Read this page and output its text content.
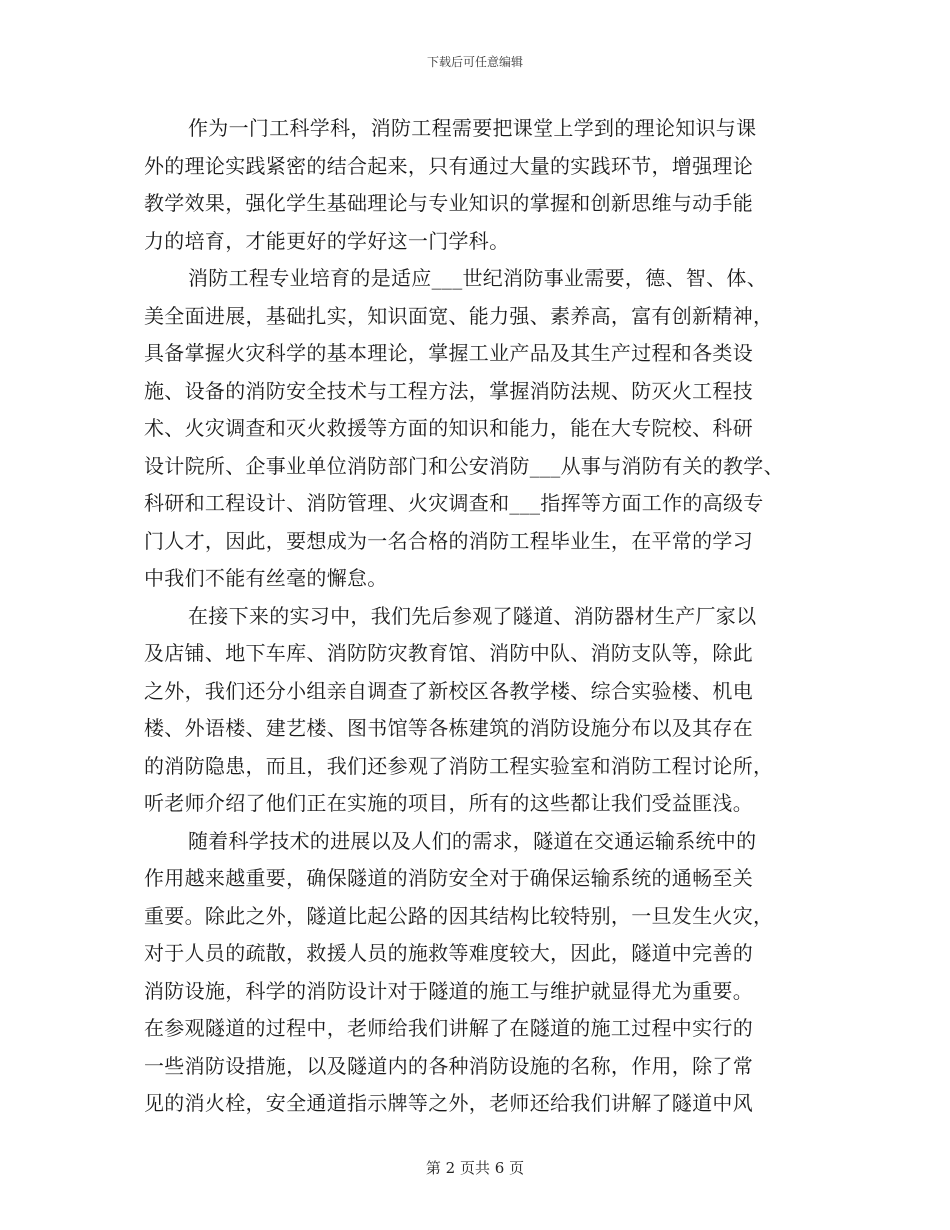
下载后可任意编辑
作为一门工科学科，消防工程需要把课堂上学到的理论知识与课
外的理论实践紧密的结合起来，只有通过大量的实践环节，增强理论
教学效果，强化学生基础理论与专业知识的掌握和创新思维与动手能
力的培育，才能更好的学好这一门学科。
消防工程专业培育的是适应___世纪消防事业需要，德、智、体、
美全面进展，基础扎实，知识面宽、能力强、素养高，富有创新精神，
具备掌握火灾科学的基本理论，掌握工业产品及其生产过程和各类设
施、设备的消防安全技术与工程方法，掌握消防法规、防灭火工程技
术、火灾调查和灭火救援等方面的知识和能力，能在大专院校、科研
设计院所、企事业单位消防部门和公安消防___从事与消防有关的教学、
科研和工程设计、消防管理、火灾调查和___指挥等方面工作的高级专
门人才，因此，要想成为一名合格的消防工程毕业生，在平常的学习
中我们不能有丝毫的懈怠。
在接下来的实习中，我们先后参观了隧道、消防器材生产厂家以
及店铺、地下车库、消防防灾教育馆、消防中队、消防支队等，除此
之外，我们还分小组亲自调查了新校区各教学楼、综合实验楼、机电
楼、外语楼、建艺楼、图书馆等各栋建筑的消防设施分布以及其存在
的消防隐患，而且，我们还参观了消防工程实验室和消防工程讨论所，
听老师介绍了他们正在实施的项目，所有的这些都让我们受益匪浅。
随着科学技术的进展以及人们的需求，隧道在交通运输系统中的
作用越来越重要，确保隧道的消防安全对于确保运输系统的通畅至关
重要。除此之外，隧道比起公路的因其结构比较特别，一旦发生火灾，
对于人员的疏散，救援人员的施救等难度较大，因此，隧道中完善的
消防设施，科学的消防设计对于隧道的施工与维护就显得尤为重要。
在参观隧道的过程中，老师给我们讲解了在隧道的施工过程中实行的
一些消防设措施，以及隧道内的各种消防设施的名称，作用，除了常
见的消火栓，安全通道指示牌等之外，老师还给我们讲解了隧道中风
第 2 页共 6 页
